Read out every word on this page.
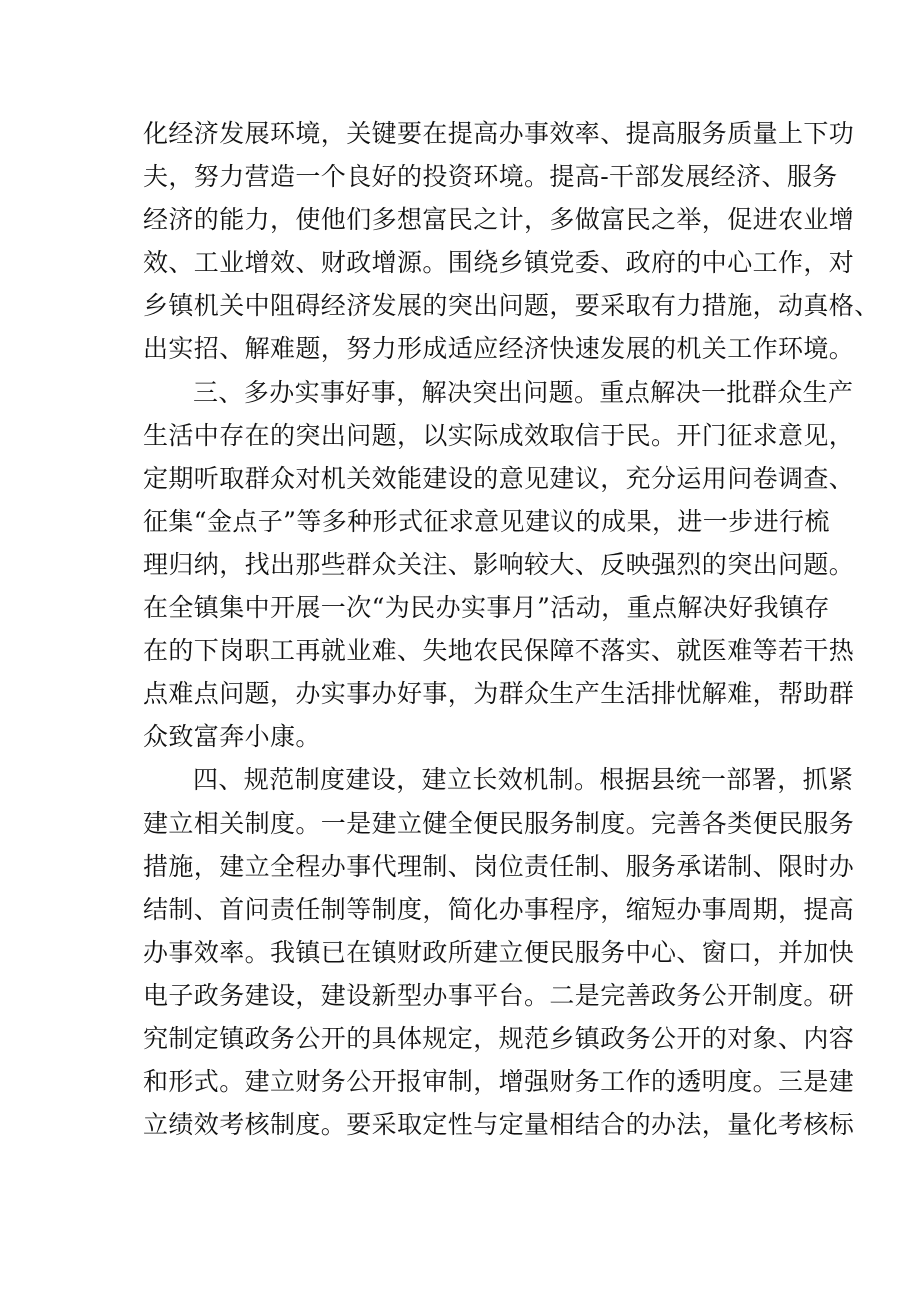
化经济发展环境，关键要在提高办事效率、提高服务质量上下功
夫，努力营造一个良好的投资环境。提高-干部发展经济、服务
经济的能力，使他们多想富民之计，多做富民之举，促进农业增
效、工业增效、财政增源。围绕乡镇党委、政府的中心工作，对
乡镇机关中阻碍经济发展的突出问题，要采取有力措施，动真格、
出实招、解难题，努力形成适应经济快速发展的机关工作环境。
三、多办实事好事，解决突出问题。重点解决一批群众生产
生活中存在的突出问题，以实际成效取信于民。开门征求意见，
定期听取群众对机关效能建设的意见建议，充分运用问卷调查、
征集“金点子”等多种形式征求意见建议的成果，进一步进行梳
理归纳，找出那些群众关注、影响较大、反映强烈的突出问题。
在全镇集中开展一次“为民办实事月”活动，重点解决好我镇存
在的下岗职工再就业难、失地农民保障不落实、就医难等若干热
点难点问题，办实事办好事，为群众生产生活排忧解难，帮助群
众致富奔小康。
四、规范制度建设，建立长效机制。根据县统一部署，抓紧
建立相关制度。一是建立健全便民服务制度。完善各类便民服务
措施，建立全程办事代理制、岗位责任制、服务承诺制、限时办
结制、首问责任制等制度，简化办事程序，缩短办事周期，提高
办事效率。我镇已在镇财政所建立便民服务中心、窗口，并加快
电子政务建设，建设新型办事平台。二是完善政务公开制度。研
究制定镇政务公开的具体规定，规范乡镇政务公开的对象、内容
和形式。建立财务公开报审制，增强财务工作的透明度。三是建
立绩效考核制度。要采取定性与定量相结合的办法，量化考核标
